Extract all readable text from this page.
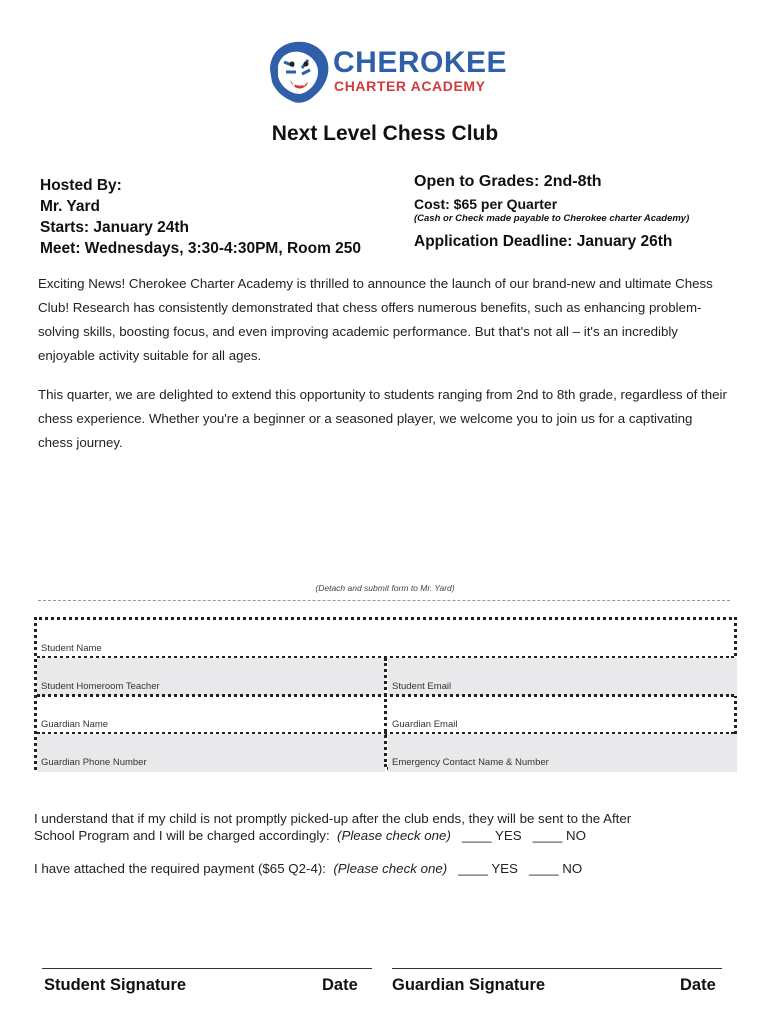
CHEROKEE
CHARTER ACADEMY
Next Level Chess Club
Hosted By:
Mr. Yard
Starts: January 24th
Meet: Wednesdays, 3:30-4:30PM, Room 250
Open to Grades: 2nd-8th
Cost: $65 per Quarter
(Cash or Check made payable to Cherokee charter Academy)
Application Deadline: January 26th
Exciting News! Cherokee Charter Academy is thrilled to announce the launch of our brand-new and ultimate Chess Club! Research has consistently demonstrated that chess offers numerous benefits, such as enhancing problem-solving skills, boosting focus, and even improving academic performance. But that's not all – it's an incredibly enjoyable activity suitable for all ages.
This quarter, we are delighted to extend this opportunity to students ranging from 2nd to 8th grade, regardless of their chess experience. Whether you're a beginner or a seasoned player, we welcome you to join us for a captivating chess journey.
(Detach and submit form to Mr. Yard)
Student Name
Student Homeroom Teacher	Student Email
Guardian Name	Guardian Email
Guardian Phone Number	Emergency Contact Name & Number
I understand that if my child is not promptly picked-up after the club ends, they will be sent to the After
School Program and I will be charged accordingly: (Please check one) ____ YES   ____ NO
I have attached the required payment ($65 Q2-4): (Please check one) ____ YES   ____ NO
Student Signature	Date Guardian Signature	Date
